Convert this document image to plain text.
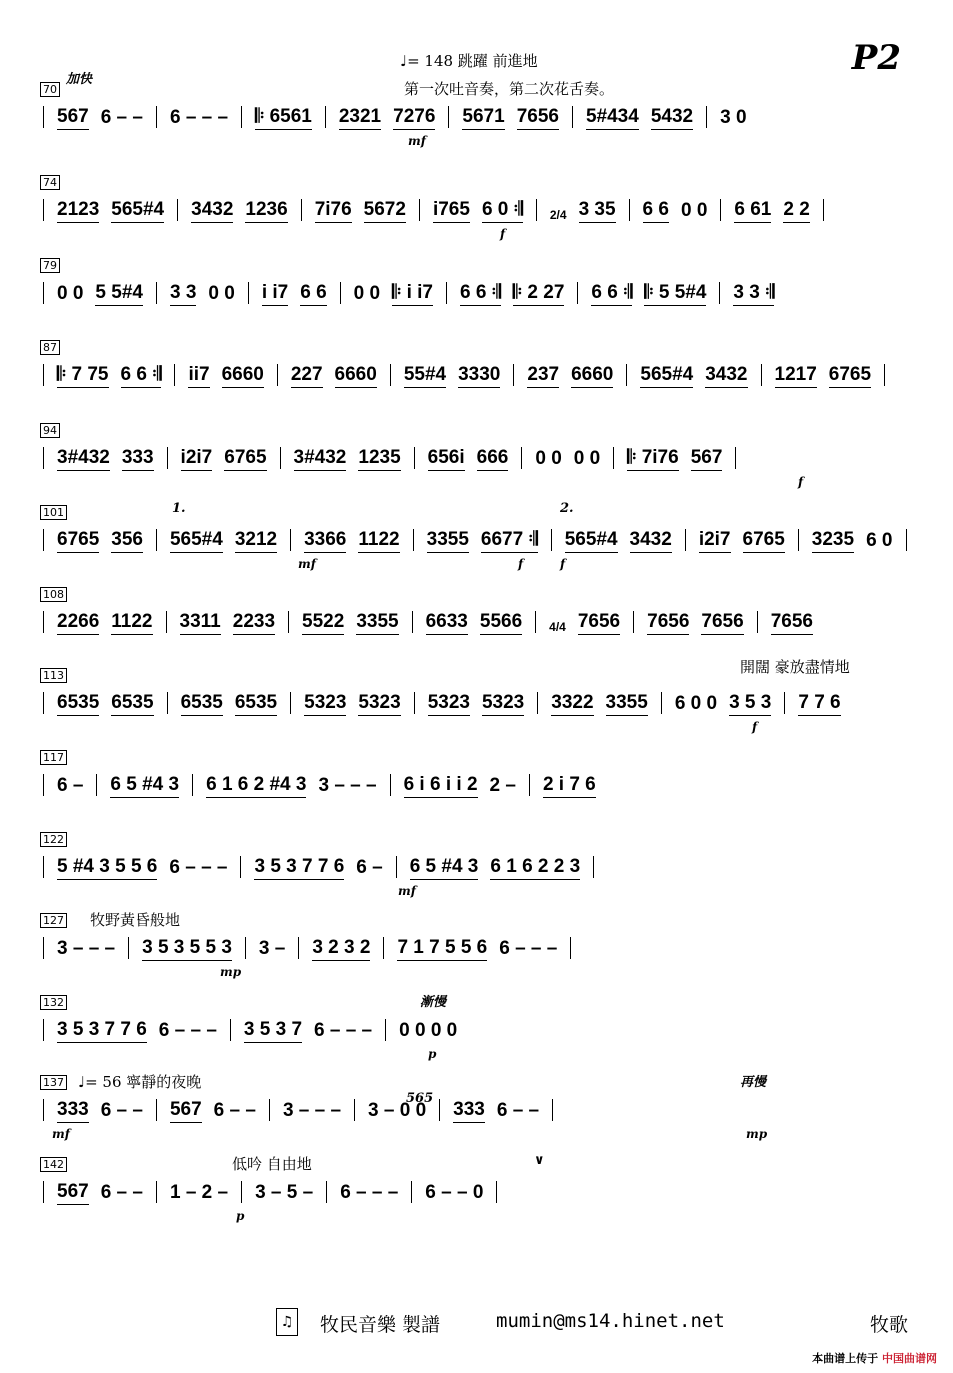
P2
♩= 148 跳躍 前進地
第一次吐音奏，第二次花舌奏。
70
567 6 – – 6 – – – 𝄆 6561 2321 7276 5671 7656 5#434 5432 3 0
加快
mf
74
2123 565#4 3432 1236 7i76 5672 i765 6 0 𝄇 2/4 3 35 6 6 0 0 6 61 2 2
f
79
0 0 5 5#4 3 3 0 0 i i7 6 6 0 0 𝄆 i i7 6 6 𝄇 𝄆 2 27 6 6 𝄇 𝄆 5 5#4 3 3 𝄇
87
𝄆 7 75 6 6 𝄇 ii7 6660 227 6660 55#4 3330 237 6660 565#4 3432 1217 6765
94
3#432 333 i2i7 6765 3#432 1235 656i 666 0 0 0 0 𝄆 7i76 567
f
101
6765 356 565#4 3212 3366 1122 3355 6677 𝄇 565#4 3432 i2i7 6765 3235 6 0
1.	2.
mf	f	f
108
2266 1122 3311 2233 5522 3355 6633 5566 4/4 7656 7656 7656 7656
113
6535 6535 6535 6535 5323 5323 5323 5323 3322 3355 6 0 0 3 5 3 7 7 6
開闊 豪放盡情地
f
117
6 – 6 5 #4 3 6 1 6 2 #4 3 3 – – – 6 i 6 i i 2 2 – 2 i 7 6
122
5 #4 3 5 5 6 6 – – – 3 5 3 7 7 6 6 – 6 5 #4 3 6 1 6 2 2 3
mf
127
3 – – – 3 5 3 5 5 3 3 – 3 2 3 2 7 1 7 5 5 6 6 – – –
牧野黃昏般地
mp
132
3 5 3 7 7 6 6 – – – 3 5 3 7 6 – – – 0 0 0 0
漸慢
p
137
333 6 – – 567 6 – – 3 – – – 3 – 0 0 333 6 – –
♩= 56 寧靜的夜晚	再慢
565
mf	mp
142
567 6 – – 1 – 2 – 3 – 5 – 6 – – – 6 – – 0
低吟 自由地	∨
p
♫ 牧民音樂 製譜	mumin@ms14.hinet.net	牧歌
本曲谱上传于 中国曲谱网
